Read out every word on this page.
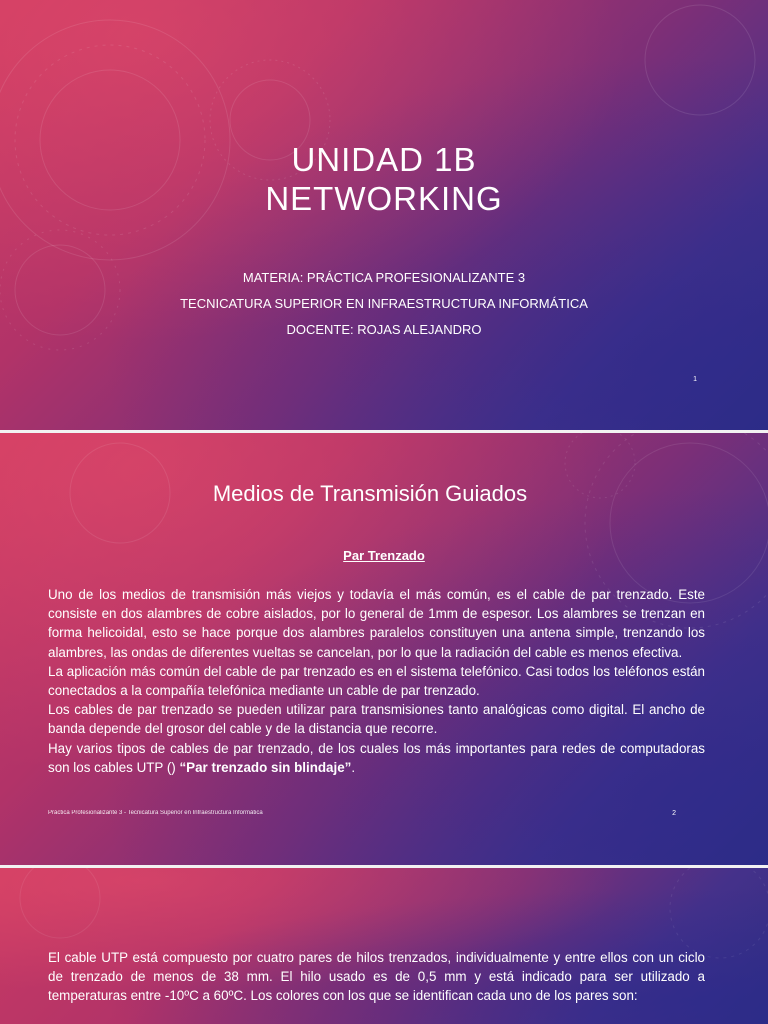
UNIDAD 1B
NETWORKING
MATERIA: PRÁCTICA PROFESIONALIZANTE 3
TECNICATURA SUPERIOR EN INFRAESTRUCTURA INFORMÁTICA
DOCENTE: ROJAS ALEJANDRO
1
Medios de Transmisión Guiados
Par Trenzado

Uno de los medios de transmisión más viejos y todavía el más común, es el cable de par trenzado. Este consiste en dos alambres de cobre aislados, por lo general de 1mm de espesor. Los alambres se trenzan en forma helicoidal, esto se hace porque dos alambres paralelos constituyen una antena simple, trenzando los alambres, las ondas de diferentes vueltas se cancelan, por lo que la radiación del cable es menos efectiva.

La aplicación más común del cable de par trenzado es en el sistema telefónico. Casi todos los teléfonos están conectados a la compañía telefónica mediante un cable de par trenzado.

Los cables de par trenzado se pueden utilizar para transmisiones tanto analógicas como digital. El ancho de banda depende del grosor del cable y de la distancia que recorre.

Hay varios tipos de cables de par trenzado, de los cuales los más importantes para redes de computadoras son los cables UTP () “Par trenzado sin blindaje”.

Práctica Profesionalizante 3 - Tecnicatura Superior en Infraestructura Informática	2

El cable UTP está compuesto por cuatro pares de hilos trenzados, individualmente y entre ellos con un ciclo de trenzado de menos de 38 mm. El hilo usado es de 0,5 mm y está indicado para ser utilizado a temperaturas entre -10ºC a 60ºC. Los colores con los que se identifican cada uno de los pares son:
